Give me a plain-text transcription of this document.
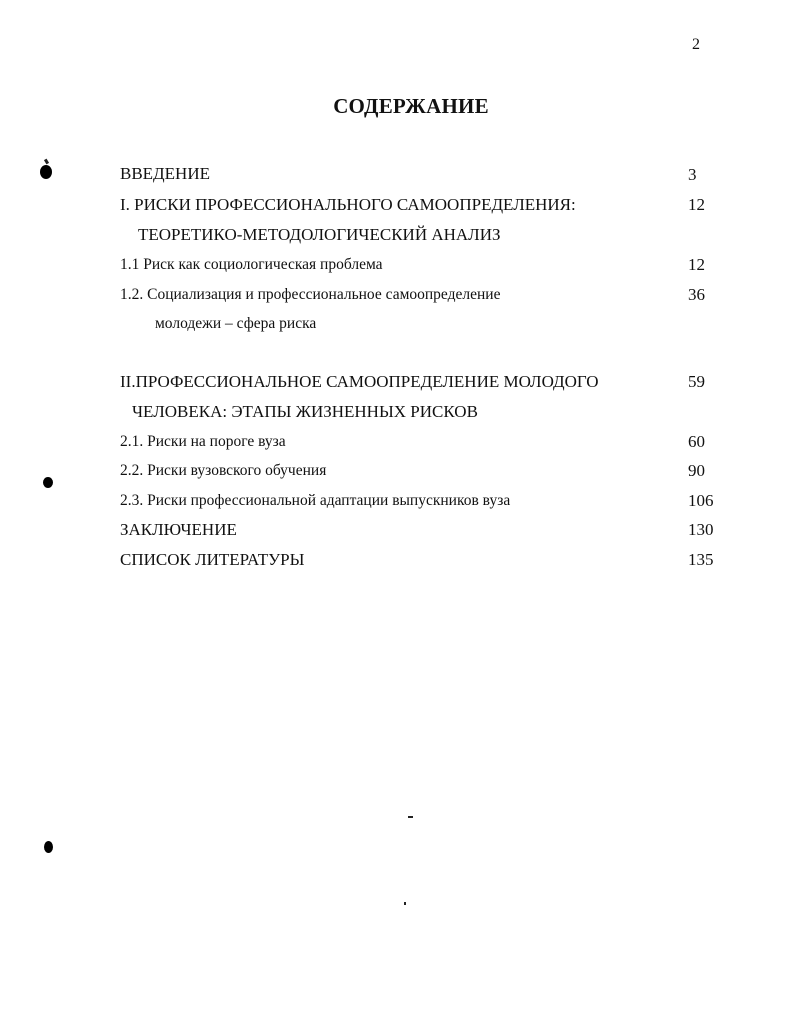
2
СОДЕРЖАНИЕ
ВВЕДЕНИЕ	3
I. РИСКИ ПРОФЕССИОНАЛЬНОГО САМООПРЕДЕЛЕНИЯ:	12
ТЕОРЕТИКО-МЕТОДОЛОГИЧЕСКИЙ АНАЛИЗ
1.1 Риск как социологическая проблема	12
1.2. Социализация и профессиональное самоопределение	36
молодежи – сфера риска
II.ПРОФЕССИОНАЛЬНОЕ САМООПРЕДЕЛЕНИЕ МОЛОДОГО	59
ЧЕЛОВЕКА: ЭТАПЫ ЖИЗНЕННЫХ РИСКОВ
2.1. Риски на пороге вуза	60
2.2. Риски вузовского обучения	90
2.3. Риски профессиональной адаптации выпускников вуза	106
ЗАКЛЮЧЕНИЕ	130
СПИСОК ЛИТЕРАТУРЫ	135
